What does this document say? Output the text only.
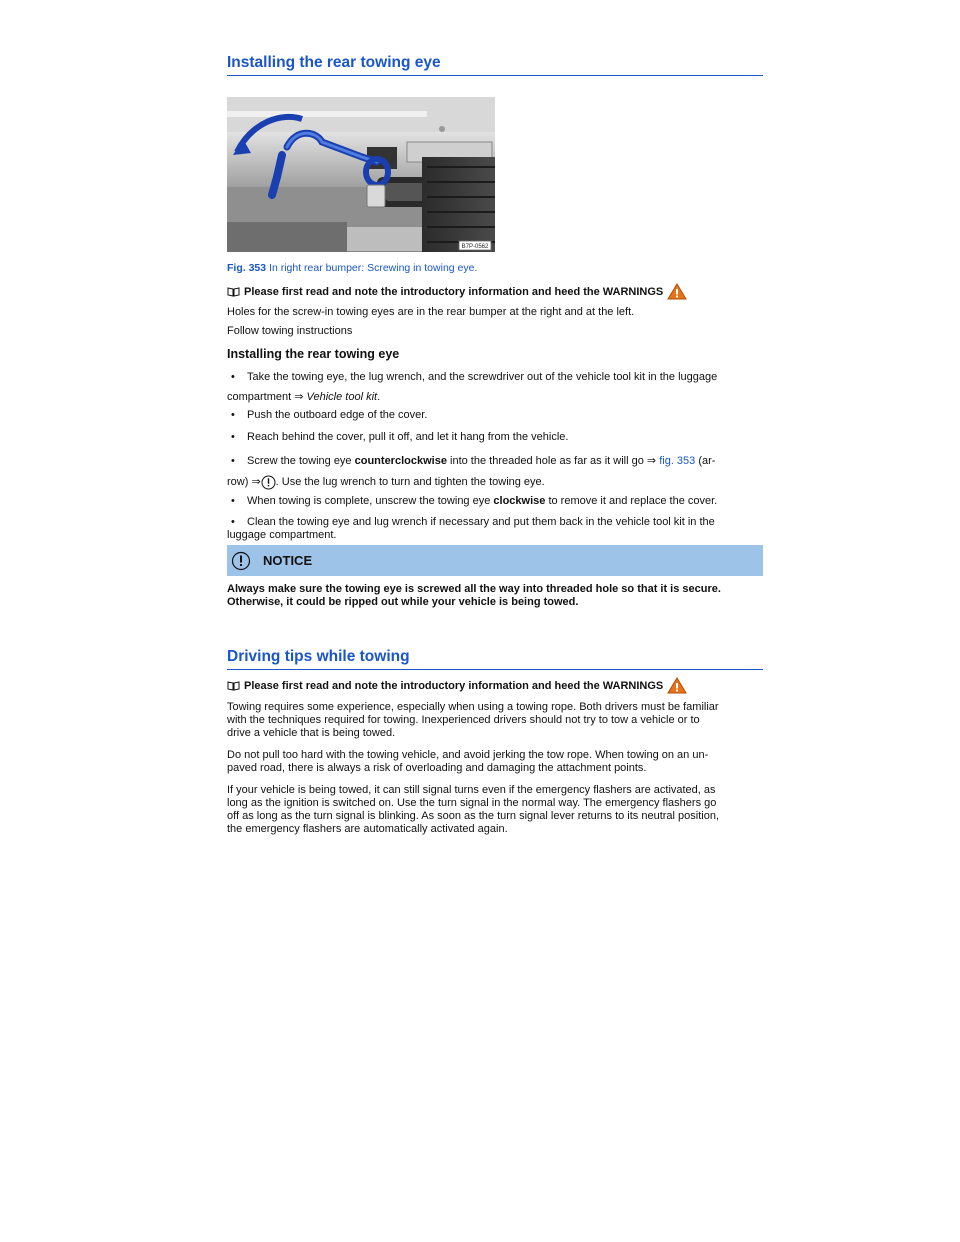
Installing the rear towing eye
B7P-0562
Fig. 353 In right rear bumper: Screwing in towing eye.
Please first read and note the introductory information and heed the WARNINGS

Holes for the screw-in towing eyes are in the rear bumper at the right and at the left.

Follow towing instructions

Installing the rear towing eye
• Take the towing eye, the lug wrench, and the screwdriver out of the vehicle tool kit in the luggage
compartment ⇒ Vehicle tool kit.
• Push the outboard edge of the cover.
• Reach behind the cover, pull it off, and let it hang from the vehicle.
• Screw the towing eye counterclockwise into the threaded hole as far as it will go ⇒ fig. 353 (ar-
row)
⇒ . Use the lug wrench to turn and tighten the towing eye.
• When towing is complete, unscrew the towing eye clockwise to remove it and replace the cover.
• Clean the towing eye and lug wrench if necessary and put them back in the vehicle tool kit in the
luggage compartment.
NOTICE

Always make sure the towing eye is screwed all the way into threaded hole so that it is secure.

Otherwise, it could be ripped out while your vehicle is being towed.

Driving tips while towing
Please first read and note the introductory information and heed the WARNINGS

Towing requires some experience, especially when using a towing rope. Both drivers must be familiar

with the techniques required for towing. Inexperienced drivers should not try to tow a vehicle or to

drive a vehicle that is being towed.

Do not pull too hard with the towing vehicle, and avoid jerking the tow rope. When towing on an un-

paved road, there is always a risk of overloading and damaging the attachment points.

If your vehicle is being towed, it can still signal turns even if the emergency flashers are activated, as

long as the ignition is switched on. Use the turn signal in the normal way. The emergency flashers go

off as long as the turn signal is blinking. As soon as the turn signal lever returns to its neutral position,

the emergency flashers are automatically activated again.
